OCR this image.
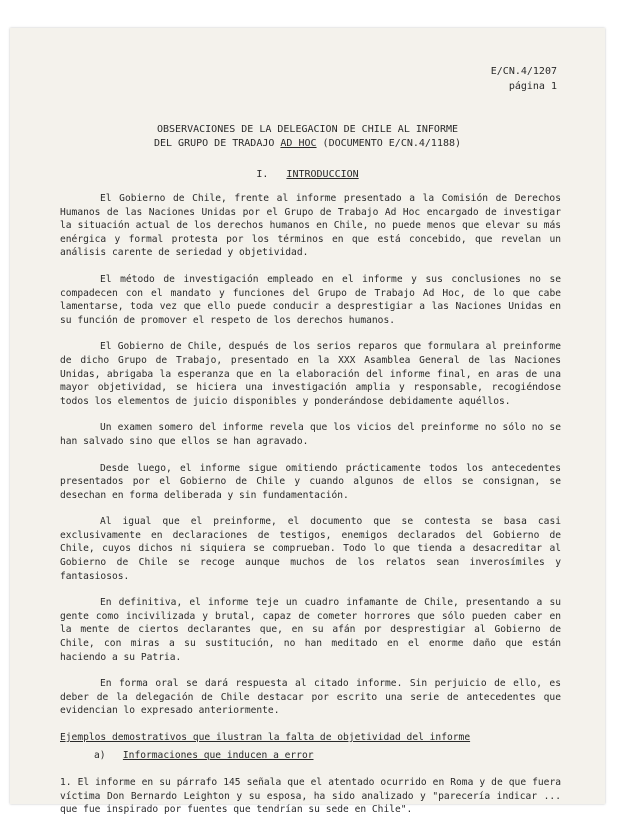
E/CN.4/1207
página 1
OBSERVACIONES DE LA DELEGACION DE CHILE AL INFORME
DEL GRUPO DE TRADAJO AD HOC (DOCUMENTO E/CN.4/1188)
I. INTRODUCCION

El Gobierno de Chile, frente al informe presentado a la Comisión de Derechos Humanos de las Naciones Unidas por el Grupo de Trabajo Ad Hoc encargado de investigar la situación actual de los derechos humanos en Chile, no puede menos que elevar su más enérgica y formal protesta por los términos en que está concebido, que revelan un análisis carente de seriedad y objetividad.

El método de investigación empleado en el informe y sus conclusiones no se compadecen con el mandato y funciones del Grupo de Trabajo Ad Hoc, de lo que cabe lamentarse, toda vez que ello puede conducir a desprestigiar a las Naciones Unidas en su función de promover el respeto de los derechos humanos.

El Gobierno de Chile, después de los serios reparos que formulara al preinforme de dicho Grupo de Trabajo, presentado en la XXX Asamblea General de las Naciones Unidas, abrigaba la esperanza que en la elaboración del informe final, en aras de una mayor objetividad, se hiciera una investigación amplia y responsable, recogiéndose todos los elementos de juicio disponibles y ponderándose debidamente aquéllos.

Un examen somero del informe revela que los vicios del preinforme no sólo no se han salvado sino que ellos se han agravado.

Desde luego, el informe sigue omitiendo prácticamente todos los antecedentes presentados por el Gobierno de Chile y cuando algunos de ellos se consignan, se desechan en forma deliberada y sin fundamentación.

Al igual que el preinforme, el documento que se contesta se basa casi exclusivamente en declaraciones de testigos, enemigos declarados del Gobierno de Chile, cuyos dichos ni siquiera se comprueban. Todo lo que tienda a desacreditar al Gobierno de Chile se recoge aunque muchos de los relatos sean inverosímiles y fantasiosos.

En definitiva, el informe teje un cuadro infamante de Chile, presentando a su gente como incivilizada y brutal, capaz de cometer horrores que sólo pueden caber en la mente de ciertos declarantes que, en su afán por desprestigiar al Gobierno de Chile, con miras a su sustitución, no han meditado en el enorme daño que están haciendo a su Patria.

En forma oral se dará respuesta al citado informe. Sin perjuicio de ello, es deber de la delegación de Chile destacar por escrito una serie de antecedentes que evidencian lo expresado anteriormente.

Ejemplos demostrativos que ilustran la falta de objetividad del informe
a) Informaciones que inducen a error

1. El informe en su párrafo 145 señala que el atentado ocurrido en Roma y de que fuera víctima Don Bernardo Leighton y su esposa, ha sido analizado y "parecería indicar ... que fue inspirado por fuentes que tendrían su sede en Chile".
